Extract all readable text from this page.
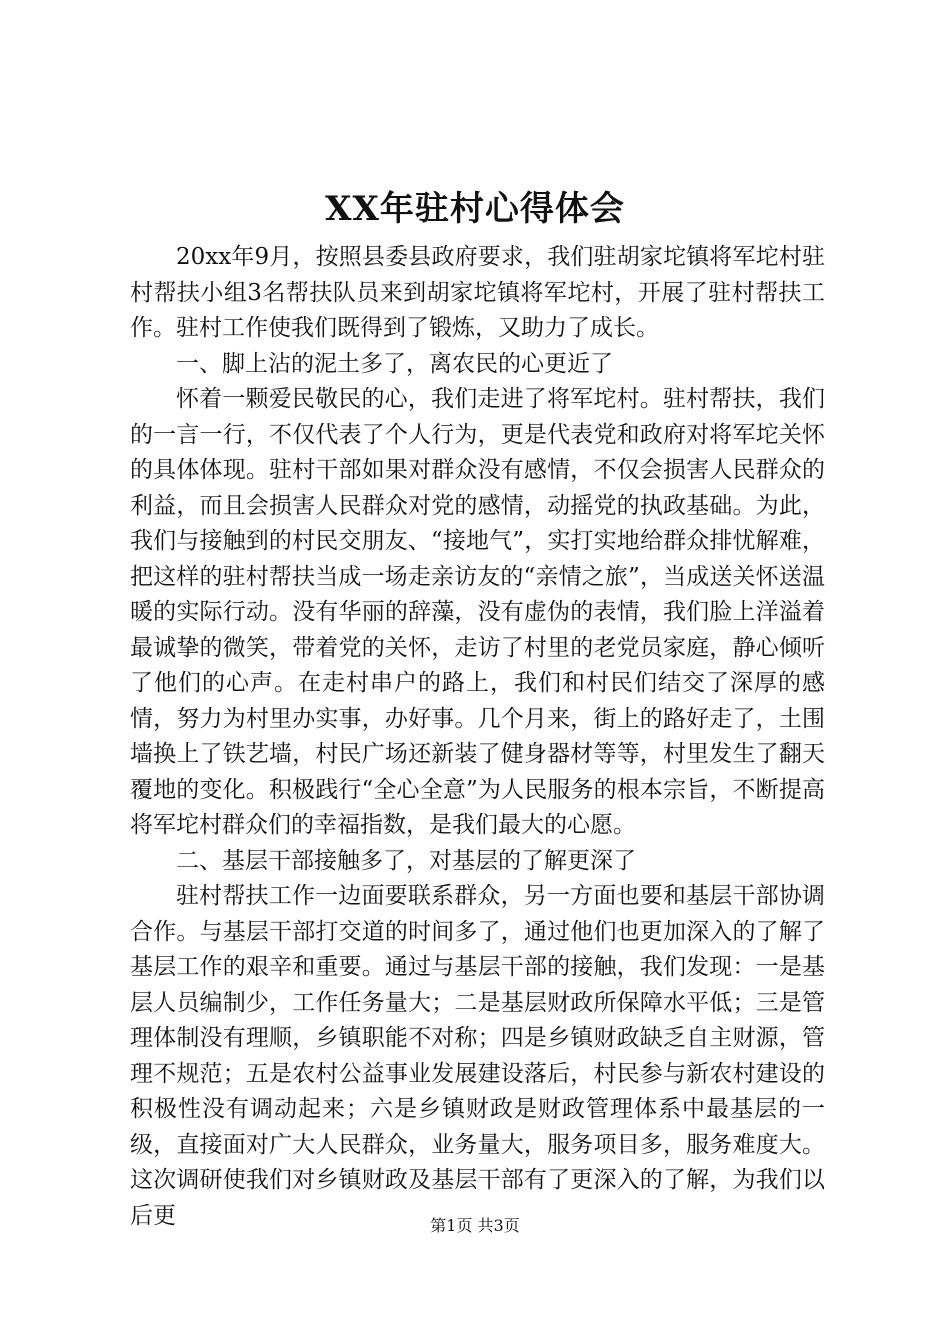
XX年驻村心得体会

20xx年9月，按照县委县政府要求，我们驻胡家坨镇将军坨村驻村帮扶小组3名帮扶队员来到胡家坨镇将军坨村，开展了驻村帮扶工作。驻村工作使我们既得到了锻炼，又助力了成长。

一、脚上沾的泥土多了，离农民的心更近了

怀着一颗爱民敬民的心，我们走进了将军坨村。驻村帮扶，我们的一言一行，不仅代表了个人行为，更是代表党和政府对将军坨关怀的具体体现。驻村干部如果对群众没有感情，不仅会损害人民群众的利益，而且会损害人民群众对党的感情，动摇党的执政基础。为此，我们与接触到的村民交朋友、“接地气”，实打实地给群众排忧解难，把这样的驻村帮扶当成一场走亲访友的“亲情之旅”，当成送关怀送温暖的实际行动。没有华丽的辞藻，没有虚伪的表情，我们脸上洋溢着最诚挚的微笑，带着党的关怀，走访了村里的老党员家庭，静心倾听了他们的心声。在走村串户的路上，我们和村民们结交了深厚的感情，努力为村里办实事，办好事。几个月来，街上的路好走了，土围墙换上了铁艺墙，村民广场还新装了健身器材等等，村里发生了翻天覆地的变化。积极践行“全心全意”为人民服务的根本宗旨，不断提高将军坨村群众们的幸福指数，是我们最大的心愿。

二、基层干部接触多了，对基层的了解更深了

驻村帮扶工作一边面要联系群众，另一方面也要和基层干部协调合作。与基层干部打交道的时间多了，通过他们也更加深入的了解了基层工作的艰辛和重要。通过与基层干部的接触，我们发现：一是基层人员编制少，工作任务量大；二是基层财政所保障水平低；三是管理体制没有理顺，乡镇职能不对称；四是乡镇财政缺乏自主财源，管理不规范；五是农村公益事业发展建设落后，村民参与新农村建设的积极性没有调动起来；六是乡镇财政是财政管理体系中最基层的一级，直接面对广大人民群众，业务量大，服务项目多，服务难度大。这次调研使我们对乡镇财政及基层干部有了更深入的了解，为我们以后更	第1页 共3页
